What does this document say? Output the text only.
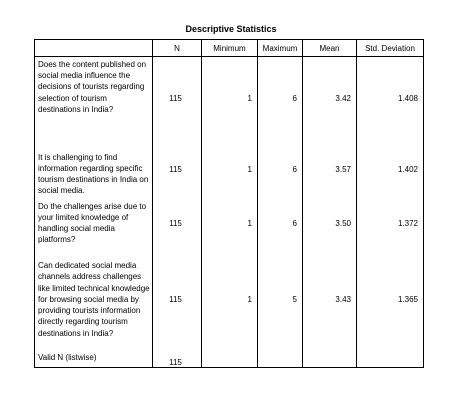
Descriptive Statistics
	N	Minimum	Maximum	Mean	Std. Deviation
Does the content published on social media influence the decisions of tourists regarding selection of tourism destinations in India?	115	1	6	3.42	1.408
It is challenging to find information regarding specific tourism destinations in India on social media.	115	1	6	3.57	1.402
Do the challenges arise due to your limited knowledge of handling social media platforms?	115	1	6	3.50	1.372
Can dedicated social media channels address challenges like limited technical knowledge for browsing social media by providing tourists information directly regarding tourism destinations in India?	115	1	5	3.43	1.365
Valid N (listwise)	115				
